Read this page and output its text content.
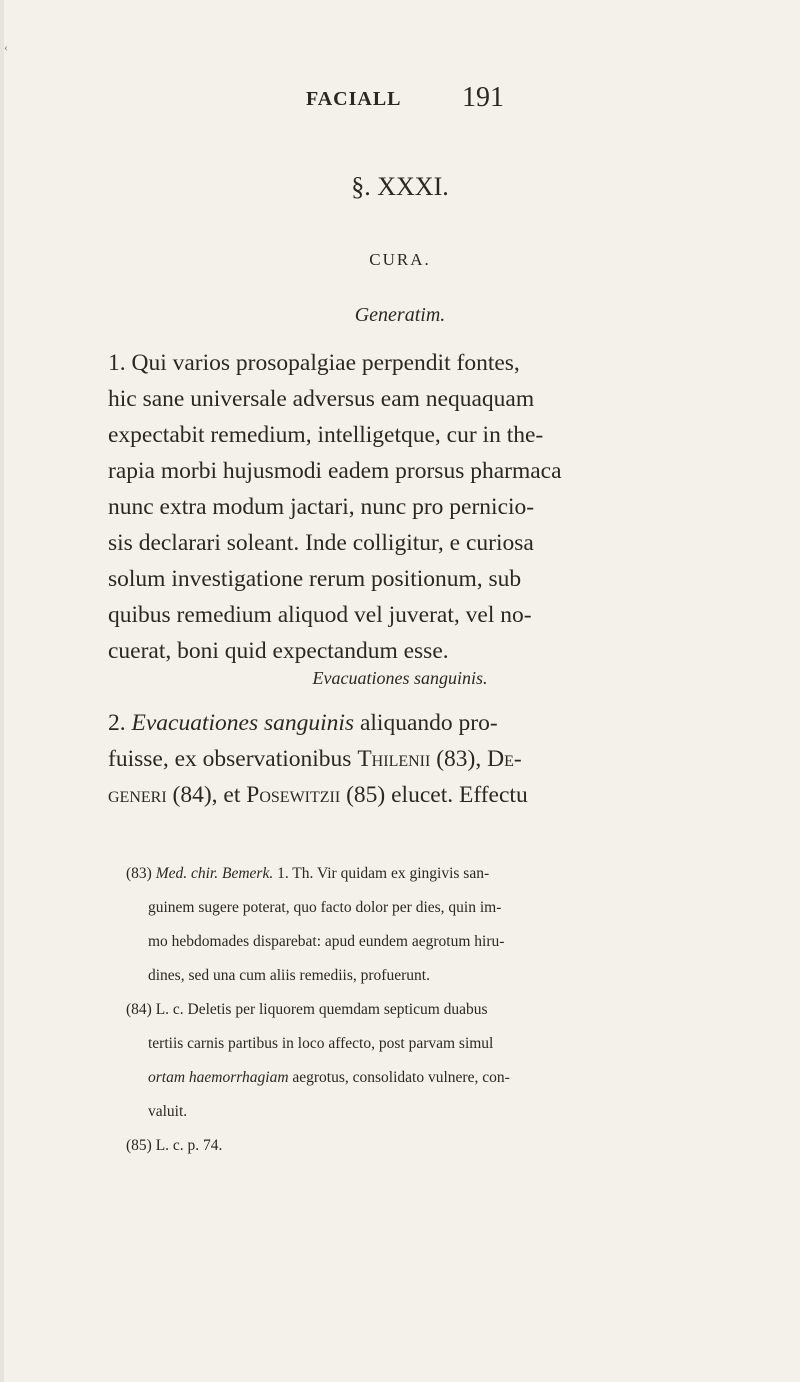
‹
FACIALL 191
§. XXXI.
CURA.
Generatim.

1. Qui varios prosopalgiae perpendit fontes,
hic sane universale adversus eam nequaquam
expectabit remedium, intelligetque, cur in the-
rapia morbi hujusmodi eadem prorsus pharmaca
nunc extra modum jactari, nunc pro pernicio-
sis declarari soleant. Inde colligitur, e curiosa
solum investigatione rerum positionum, sub
quibus remedium aliquod vel juverat, vel no-
cuerat, boni quid expectandum esse.

Evacuationes sanguinis.

2. Evacuationes sanguinis aliquando pro-
fuisse, ex observationibus Thilenii (83), De-
generi (84), et Posewitzii (85) elucet. Effectu

(83) Med. chir. Bemerk. 1. Th. Vir quidam ex gingivis san-
guinem sugere poterat, quo facto dolor per dies, quin im-
mo hebdomades disparebat: apud eundem aegrotum hiru-
dines, sed una cum aliis remediis, profuerunt.
(84) L. c. Deletis per liquorem quemdam septicum duabus
tertiis carnis partibus in loco affecto, post parvam simul
ortam haemorrhagiam aegrotus, consolidato vulnere, con-
valuit.
(85) L. c. p. 74.
